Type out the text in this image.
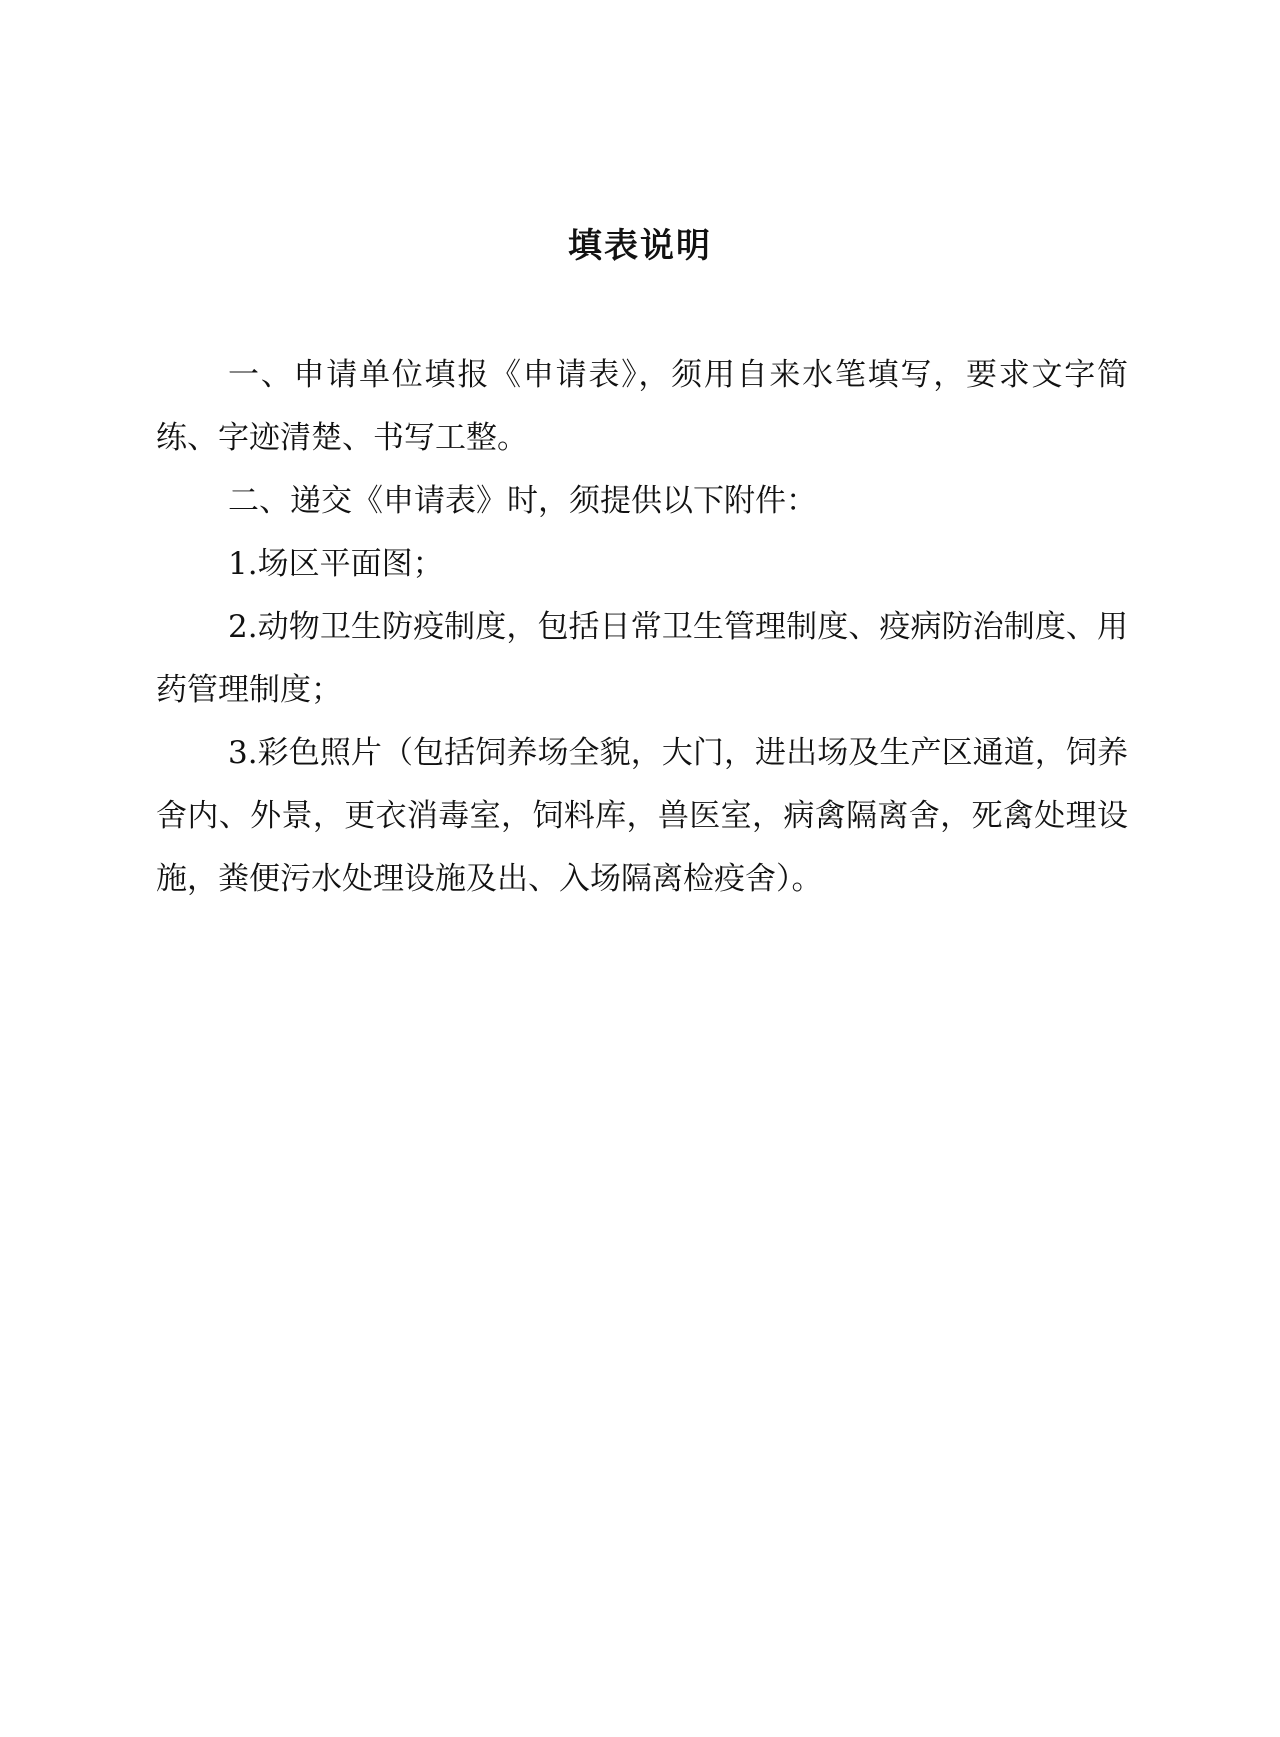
填表说明

一、申请单位填报《申请表》，须用自来水笔填写，要求文字简练、字迹清楚、书写工整。

二、递交《申请表》时，须提供以下附件：

1.场区平面图；

2.动物卫生防疫制度，包括日常卫生管理制度、疫病防治制度、用药管理制度；

3.彩色照片（包括饲养场全貌，大门，进出场及生产区通道，饲养舍内、外景，更衣消毒室，饲料库，兽医室，病禽隔离舍，死禽处理设施，粪便污水处理设施及出、入场隔离检疫舍）。
